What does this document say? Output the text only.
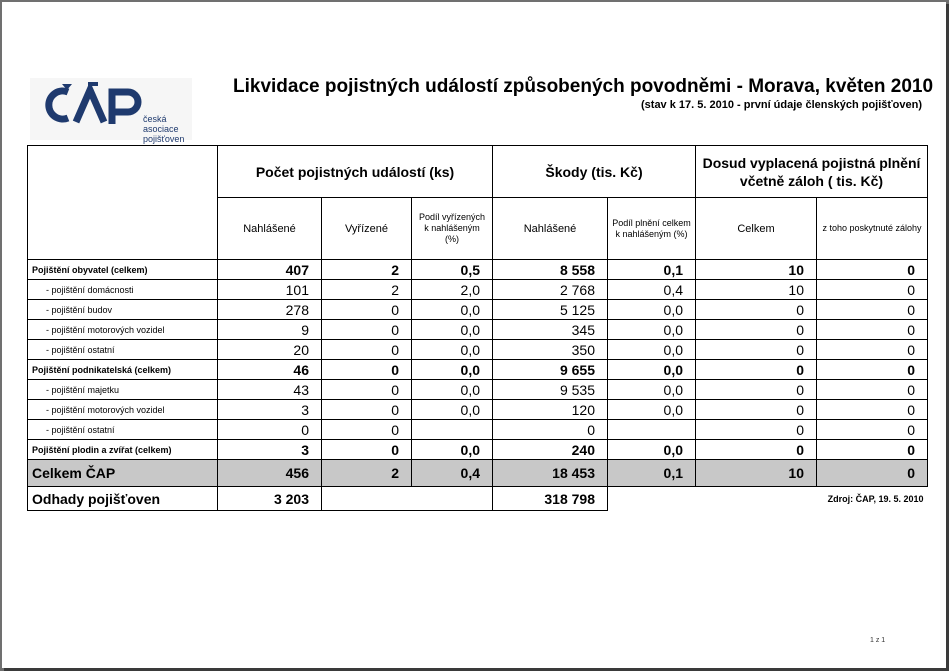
česká asociace
pojišťoven
Likvidace pojistných událostí způsobených povodněmi - Morava, květen 2010
(stav k 17. 5. 2010 - první údaje členských pojišťoven)
	Počet pojistných událostí (ks)			Škody (tis. Kč)		Dosud vyplacená pojistná plnění včetně záloh ( tis. Kč)	
	Nahlášené	Vyřízené	Podíl vyřízených k nahlášeným (%)	Nahlášené	Podíl plnění celkem k nahlášeným (%)	Celkem	z toho poskytnuté zálohy
Pojištění obyvatel (celkem)	407	2	0,5	8 558	0,1	10	0
- pojištění domácnosti	101	2	2,0	2 768	0,4	10	0
- pojištění budov	278	0	0,0	5 125	0,0	0	0
- pojištění motorových vozidel	9	0	0,0	345	0,0	0	0
- pojištění ostatní	20	0	0,0	350	0,0	0	0
Pojištění podnikatelská (celkem)	46	0	0,0	9 655	0,0	0	0
- pojištění majetku	43	0	0,0	9 535	0,0	0	0
- pojištění motorových vozidel	3	0	0,0	120	0,0	0	0
- pojištění ostatní	0	0		0		0	0
Pojištění plodin a zvířat (celkem)	3	0	0,0	240	0,0	0	0
Celkem ČAP	456	2	0,4	18 453	0,1	10	0
Odhady pojišťoven	3 203			318 798	Zdroj: ČAP, 19. 5. 2010		
1 z 1
